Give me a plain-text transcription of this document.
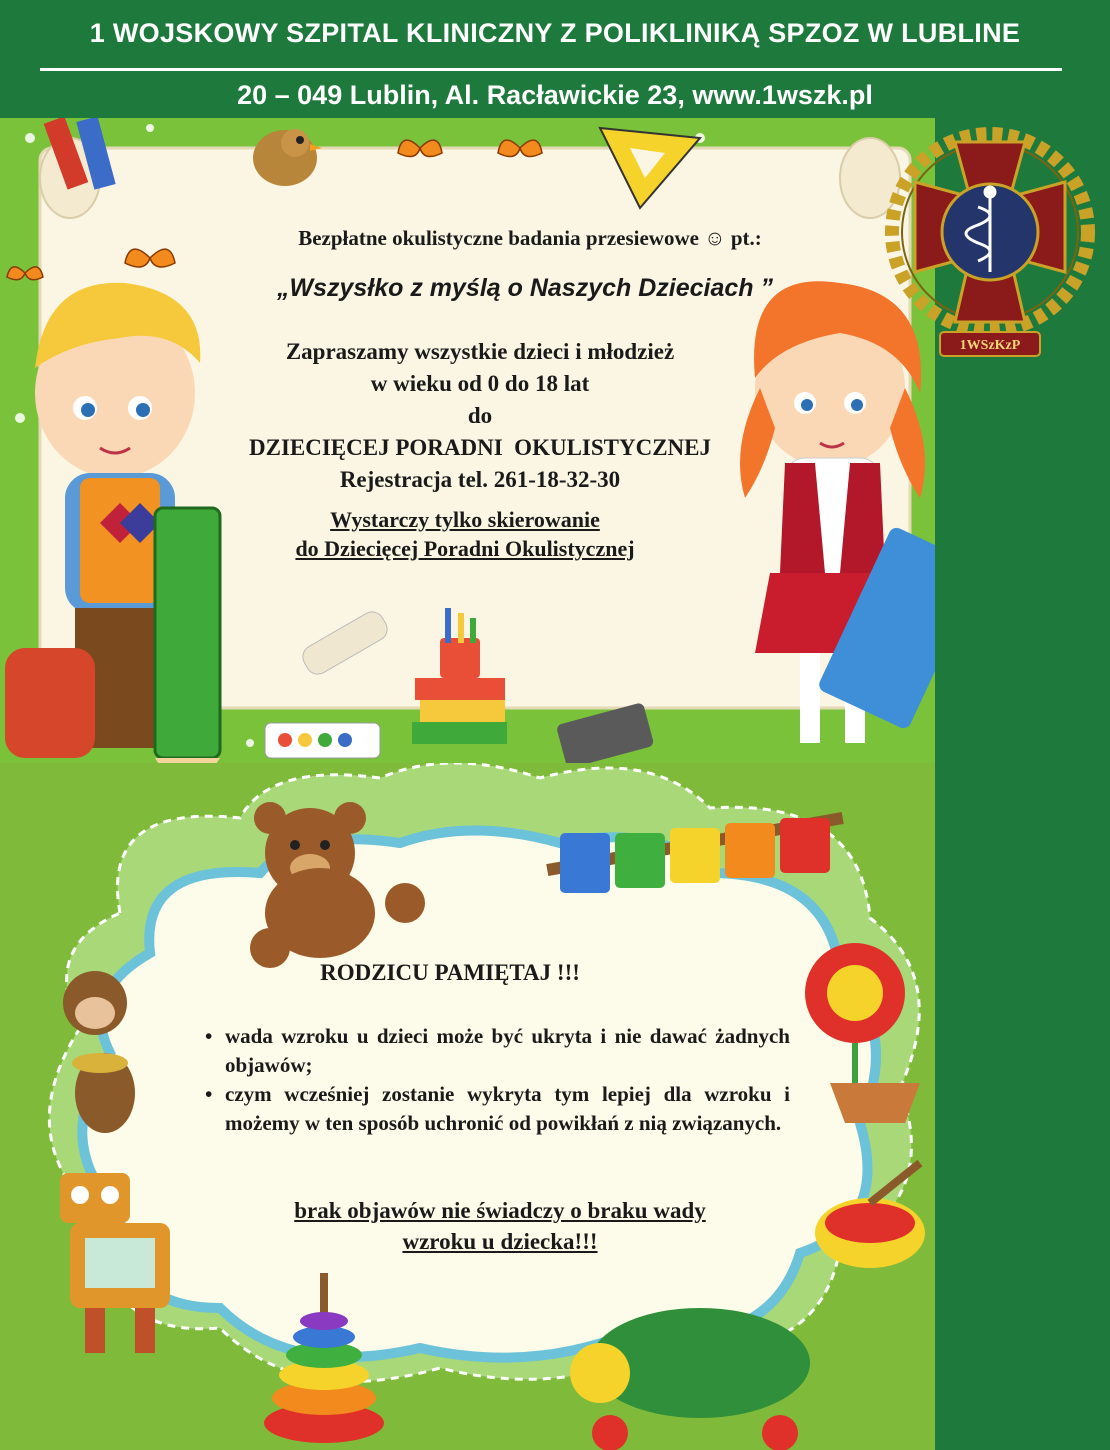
1 WOJSKOWY SZPITAL KLINICZNY Z POLIKLINIKĄ SPZOZ W LUBLINE
20 – 049 Lublin, Al. Racławickie 23, www.1wszk.pl
1WSzKzP
Bezpłatne okulistyczne badania przesiewowe ☺ pt.:
„Wszysłko z myślą o Naszych Dzieciach ”
Zapraszamy wszystkie dzieci i młodzież
w wieku od 0 do 18 lat
do
DZIECIĘCEJ PORADNI  OKULISTYCZNEJ
Rejestracja tel. 261-18-32-30
Wystarczy tylko skierowanie
do Dziecięcej Poradni Okulistycznej
RODZICU PAMIĘTAJ !!!
• wada wzroku u dzieci może być ukryta i nie dawać żadnych objawów;
• czym wcześniej zostanie wykryta tym lepiej dla wzroku i możemy w ten sposób uchronić od powikłań z nią związanych.
brak objawów nie świadczy o braku wady
wzroku u dziecka!!!
